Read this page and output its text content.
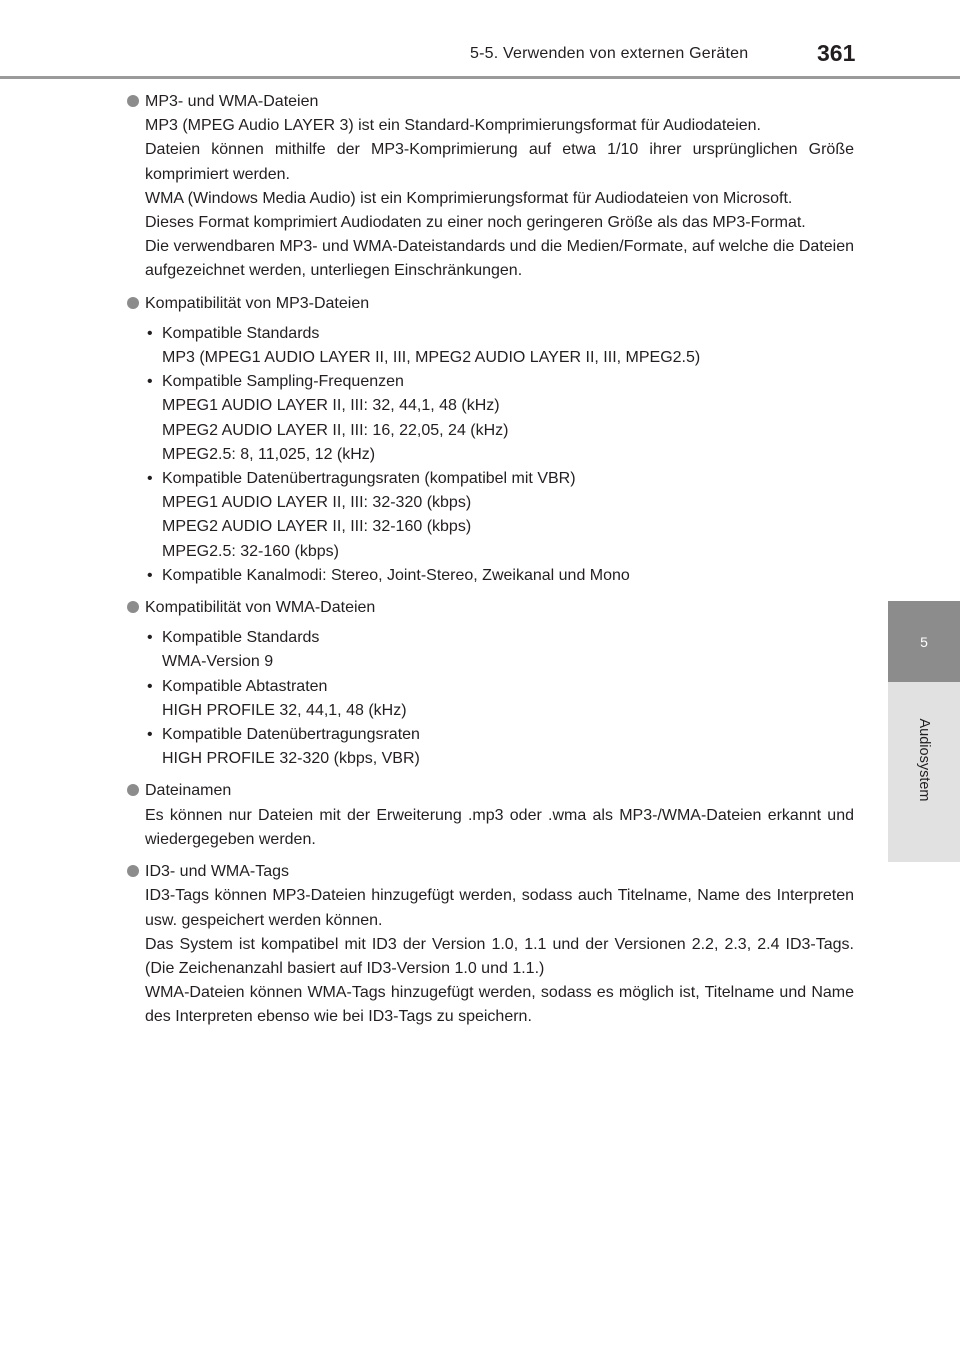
5-5. Verwenden von externen Geräten	361
5
Audiosystem
MP3- und WMA-Dateien
MP3 (MPEG Audio LAYER 3) ist ein Standard-Komprimierungsformat für Audiodateien.
Dateien können mithilfe der MP3-Komprimierung auf etwa 1/10 ihrer ursprünglichen Größe komprimiert werden.
WMA (Windows Media Audio) ist ein Komprimierungsformat für Audiodateien von Microsoft.
Dieses Format komprimiert Audiodaten zu einer noch geringeren Größe als das MP3-Format.
Die verwendbaren MP3- und WMA-Dateistandards und die Medien/Formate, auf welche die Dateien aufgezeichnet werden, unterliegen Einschränkungen.
Kompatibilität von MP3-Dateien
• Kompatible Standards
MP3 (MPEG1 AUDIO LAYER II, III, MPEG2 AUDIO LAYER II, III, MPEG2.5)
• Kompatible Sampling-Frequenzen
MPEG1 AUDIO LAYER II, III: 32, 44,1, 48 (kHz)
MPEG2 AUDIO LAYER II, III: 16, 22,05, 24 (kHz)
MPEG2.5: 8, 11,025, 12 (kHz)
• Kompatible Datenübertragungsraten (kompatibel mit VBR)
MPEG1 AUDIO LAYER II, III: 32-320 (kbps)
MPEG2 AUDIO LAYER II, III: 32-160 (kbps)
MPEG2.5: 32-160 (kbps)
• Kompatible Kanalmodi: Stereo, Joint-Stereo, Zweikanal und Mono
Kompatibilität von WMA-Dateien
• Kompatible Standards
WMA-Version 9
• Kompatible Abtastraten
HIGH PROFILE 32, 44,1, 48 (kHz)
• Kompatible Datenübertragungsraten
HIGH PROFILE 32-320 (kbps, VBR)
Dateinamen
Es können nur Dateien mit der Erweiterung .mp3 oder .wma als MP3-/WMA-Dateien erkannt und wiedergegeben werden.
ID3- und WMA-Tags
ID3-Tags können MP3-Dateien hinzugefügt werden, sodass auch Titelname, Name des Interpreten usw. gespeichert werden können.
Das System ist kompatibel mit ID3 der Version 1.0, 1.1 und der Versionen 2.2, 2.3, 2.4 ID3-Tags. (Die Zeichenanzahl basiert auf ID3-Version 1.0 und 1.1.)
WMA-Dateien können WMA-Tags hinzugefügt werden, sodass es möglich ist, Titelname und Name des Interpreten ebenso wie bei ID3-Tags zu speichern.
